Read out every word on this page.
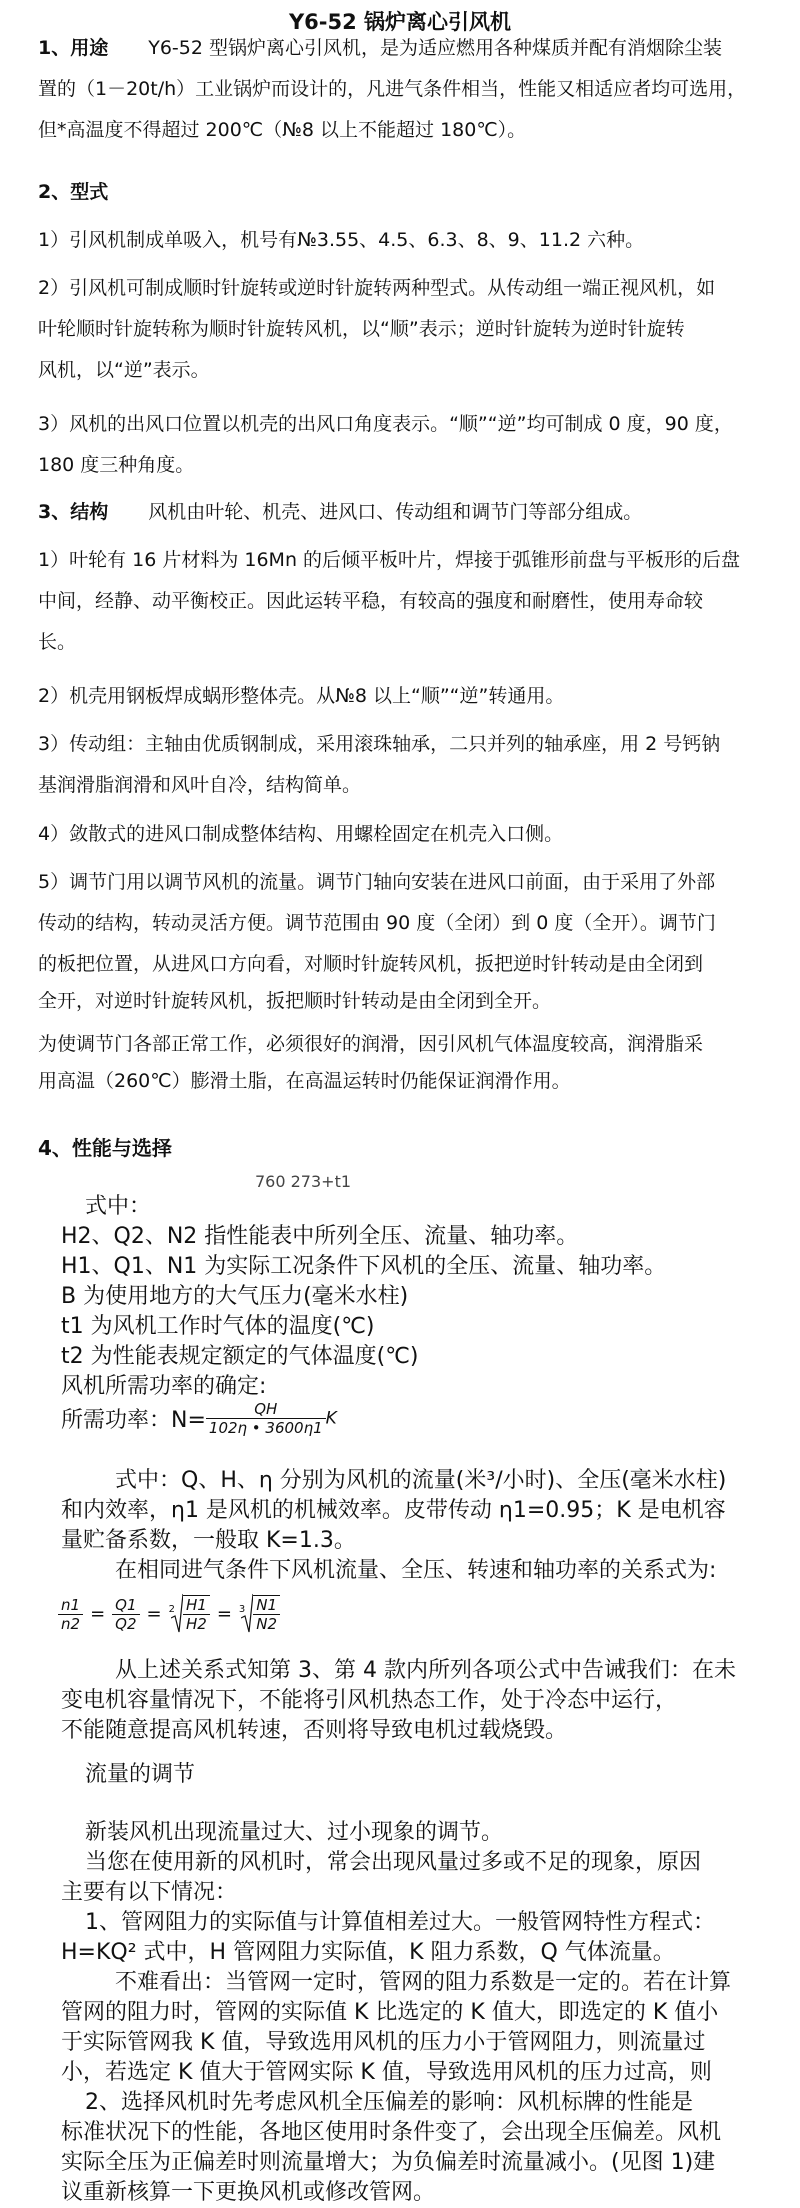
Y6-52 锅炉离心引风机
1、用途 Y6-52 型锅炉离心引风机，是为适应燃用各种煤质并配有消烟除尘装
置的（1－20t/h）工业锅炉而设计的，凡进气条件相当，性能又相适应者均可选用，
但*高温度不得超过 200℃（№8 以上不能超过 180℃）。
2、型式
1）引风机制成单吸入，机号有№3.55、4.5、6.3、8、9、11.2 六种。
2）引风机可制成顺时针旋转或逆时针旋转两种型式。从传动组一端正视风机，如
叶轮顺时针旋转称为顺时针旋转风机，以“顺”表示；逆时针旋转为逆时针旋转
风机，以“逆”表示。
3）风机的出风口位置以机壳的出风口角度表示。“顺”“逆”均可制成 0 度，90 度，
180 度三种角度。
3、结构 风机由叶轮、机壳、进风口、传动组和调节门等部分组成。
1）叶轮有 16 片材料为 16Mn 的后倾平板叶片，焊接于弧锥形前盘与平板形的后盘
中间，经静、动平衡校正。因此运转平稳，有较高的强度和耐磨性，使用寿命较
长。
2）机壳用钢板焊成蜗形整体壳。从№8 以上“顺”“逆”转通用。
3）传动组：主轴由优质钢制成，采用滚珠轴承，二只并列的轴承座，用 2 号钙钠
基润滑脂润滑和风叶自冷，结构简单。
4）敛散式的进风口制成整体结构、用螺栓固定在机壳入口侧。
5）调节门用以调节风机的流量。调节门轴向安装在进风口前面，由于采用了外部
传动的结构，转动灵活方便。调节范围由 90 度（全闭）到 0 度（全开）。调节门
的板把位置，从进风口方向看，对顺时针旋转风机，扳把逆时针转动是由全闭到
全开，对逆时针旋转风机，扳把顺时针转动是由全闭到全开。
为使调节门各部正常工作，必须很好的润滑，因引风机气体温度较高，润滑脂采
用高温（260℃）膨滑土脂，在高温运转时仍能保证润滑作用。
4、性能与选择
760 273+t1
式中：
H2、Q2、N2 指性能表中所列全压、流量、轴功率。
H1、Q1、N1 为实际工况条件下风机的全压、流量、轴功率。
B 为使用地方的大气压力(毫米水柱)
t1 为风机工作时气体的温度(℃)
t2 为性能表规定额定的气体温度(℃)
风机所需功率的确定:
所需功率：$N= \frac{QH}{102\eta • 3600\eta 1}$ K
式中：Q、H、η 分别为风机的流量(米³/小时)、全压(毫米水柱)
和内效率，η1 是风机的机械效率。皮带传动 η1=0.95；K 是电机容
量贮备系数，一般取 K=1.3。
在相同进气条件下风机流量、全压、转速和轴功率的关系式为:
$\frac{n1}{n2} = \frac{Q1}{Q2} = ^2 \frac{H1}{H2} = ^3 \frac{N1}{N2}$
从上述关系式知第 3、第 4 款内所列各项公式中告诫我们：在未
变电机容量情况下，不能将引风机热态工作，处于冷态中运行，
不能随意提高风机转速，否则将导致电机过载烧毁。
流量的调节
新装风机出现流量过大、过小现象的调节。
当您在使用新的风机时，常会出现风量过多或不足的现象，原因
主要有以下情况：
1、管网阻力的实际值与计算值相差过大。一般管网特性方程式：
H=KQ² 式中，H 管网阻力实际值，K 阻力系数，Q 气体流量。
不难看出：当管网一定时，管网的阻力系数是一定的。若在计算
管网的阻力时，管网的实际值 K 比选定的 K 值大，即选定的 K 值小
于实际管网我 K 值，导致选用风机的压力小于管网阻力，则流量过
小，若选定 K 值大于管网实际 K 值，导致选用风机的压力过高，则
2、选择风机时先考虑风机全压偏差的影响：风机标牌的性能是
标准状况下的性能，各地区使用时条件变了，会出现全压偏差。风机
实际全压为正偏差时则流量增大；为负偏差时流量减小。(见图 1)建
议重新核算一下更换风机或修改管网。
